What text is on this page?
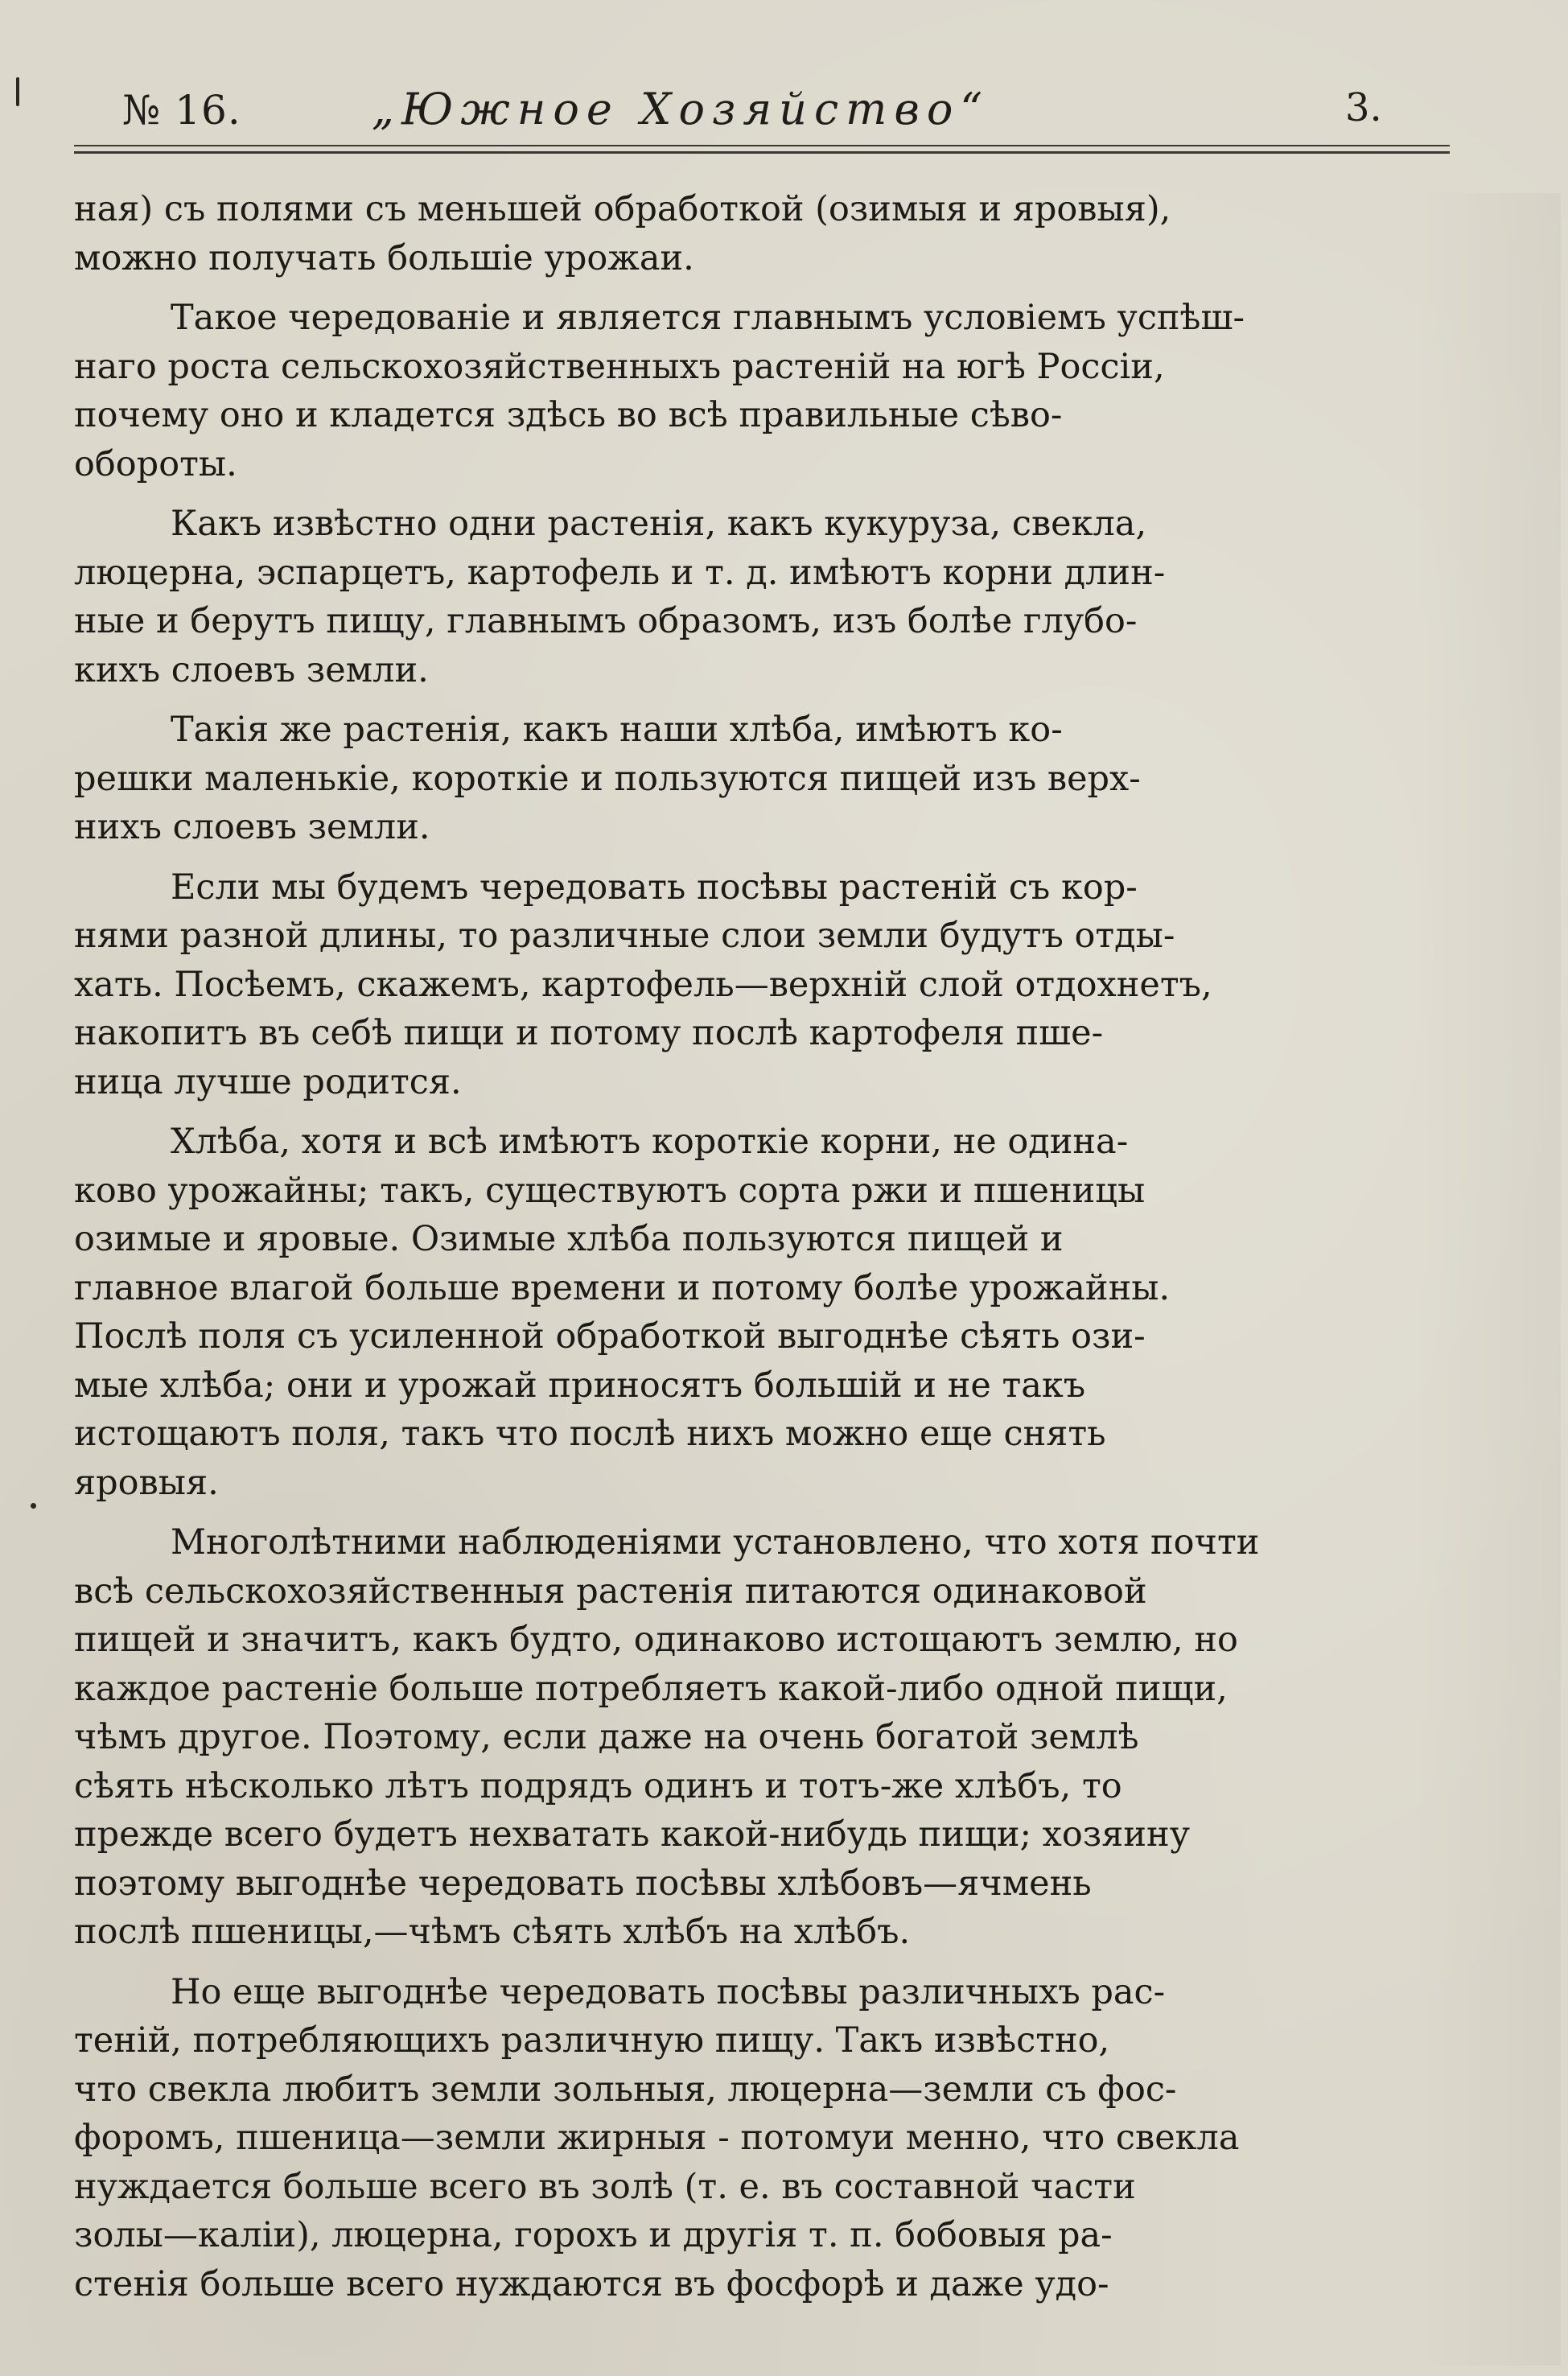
№ 16.	„Южное Хозяйство“	3.
ная) съ полями съ меньшей обработкой (озимыя и яровыя),
можно получать большіе урожаи.
Такое чередованіе и является главнымъ условіемъ успѣш-
наго роста сельскохозяйственныхъ растеній на югѣ Россіи,
почему оно и кладется здѣсь во всѣ правильные сѣво-
обороты.
Какъ извѣстно одни растенія, какъ кукуруза, свекла,
люцерна, эспарцетъ, картофель и т. д. имѣютъ корни длин-
ные и берутъ пищу, главнымъ образомъ, изъ болѣе глубо-
кихъ слоевъ земли.
Такія же растенія, какъ наши хлѣба, имѣютъ ко-
решки маленькіе, короткіе и пользуются пищей изъ верх-
нихъ слоевъ земли.
Если мы будемъ чередовать посѣвы растеній съ кор-
нями разной длины, то различные слои земли будутъ отды-
хать. Посѣемъ, скажемъ, картофель—верхній слой отдохнетъ,
накопитъ въ себѣ пищи и потому послѣ картофеля пше-
ница лучше родится.
Хлѣба, хотя и всѣ имѣютъ короткіе корни, не одина-
ково урожайны; такъ, существуютъ сорта ржи и пшеницы
озимые и яровые. Озимые хлѣба пользуются пищей и
главное влагой больше времени и потому болѣе урожайны.
Послѣ поля съ усиленной обработкой выгоднѣе сѣять ози-
мые хлѣба; они и урожай приносятъ большій и не такъ
истощаютъ поля, такъ что послѣ нихъ можно еще снять
яровыя.
Многолѣтними наблюденіями установлено, что хотя почти
всѣ сельскохозяйственныя растенія питаются одинаковой
пищей и значитъ, какъ будто, одинаково истощаютъ землю, но
каждое растеніе больше потребляетъ какой-либо одной пищи,
чѣмъ другое. Поэтому, если даже на очень богатой землѣ
сѣять нѣсколько лѣтъ подрядъ одинъ и тотъ-же хлѣбъ, то
прежде всего будетъ нехватать какой-нибудь пищи; хозяину
поэтому выгоднѣе чередовать посѣвы хлѣбовъ—ячмень
послѣ пшеницы,—чѣмъ сѣять хлѣбъ на хлѣбъ.
Но еще выгоднѣе чередовать посѣвы различныхъ рас-
теній, потребляющихъ различную пищу. Такъ извѣстно,
что свекла любитъ земли зольныя, люцерна—земли съ фос-
форомъ, пшеница—земли жирныя - потомуи менно, что свекла
нуждается больше всего въ золѣ (т. е. въ составной части
золы—каліи), люцерна, горохъ и другія т. п. бобовыя ра-
стенія больше всего нуждаются въ фосфорѣ и даже удо-
